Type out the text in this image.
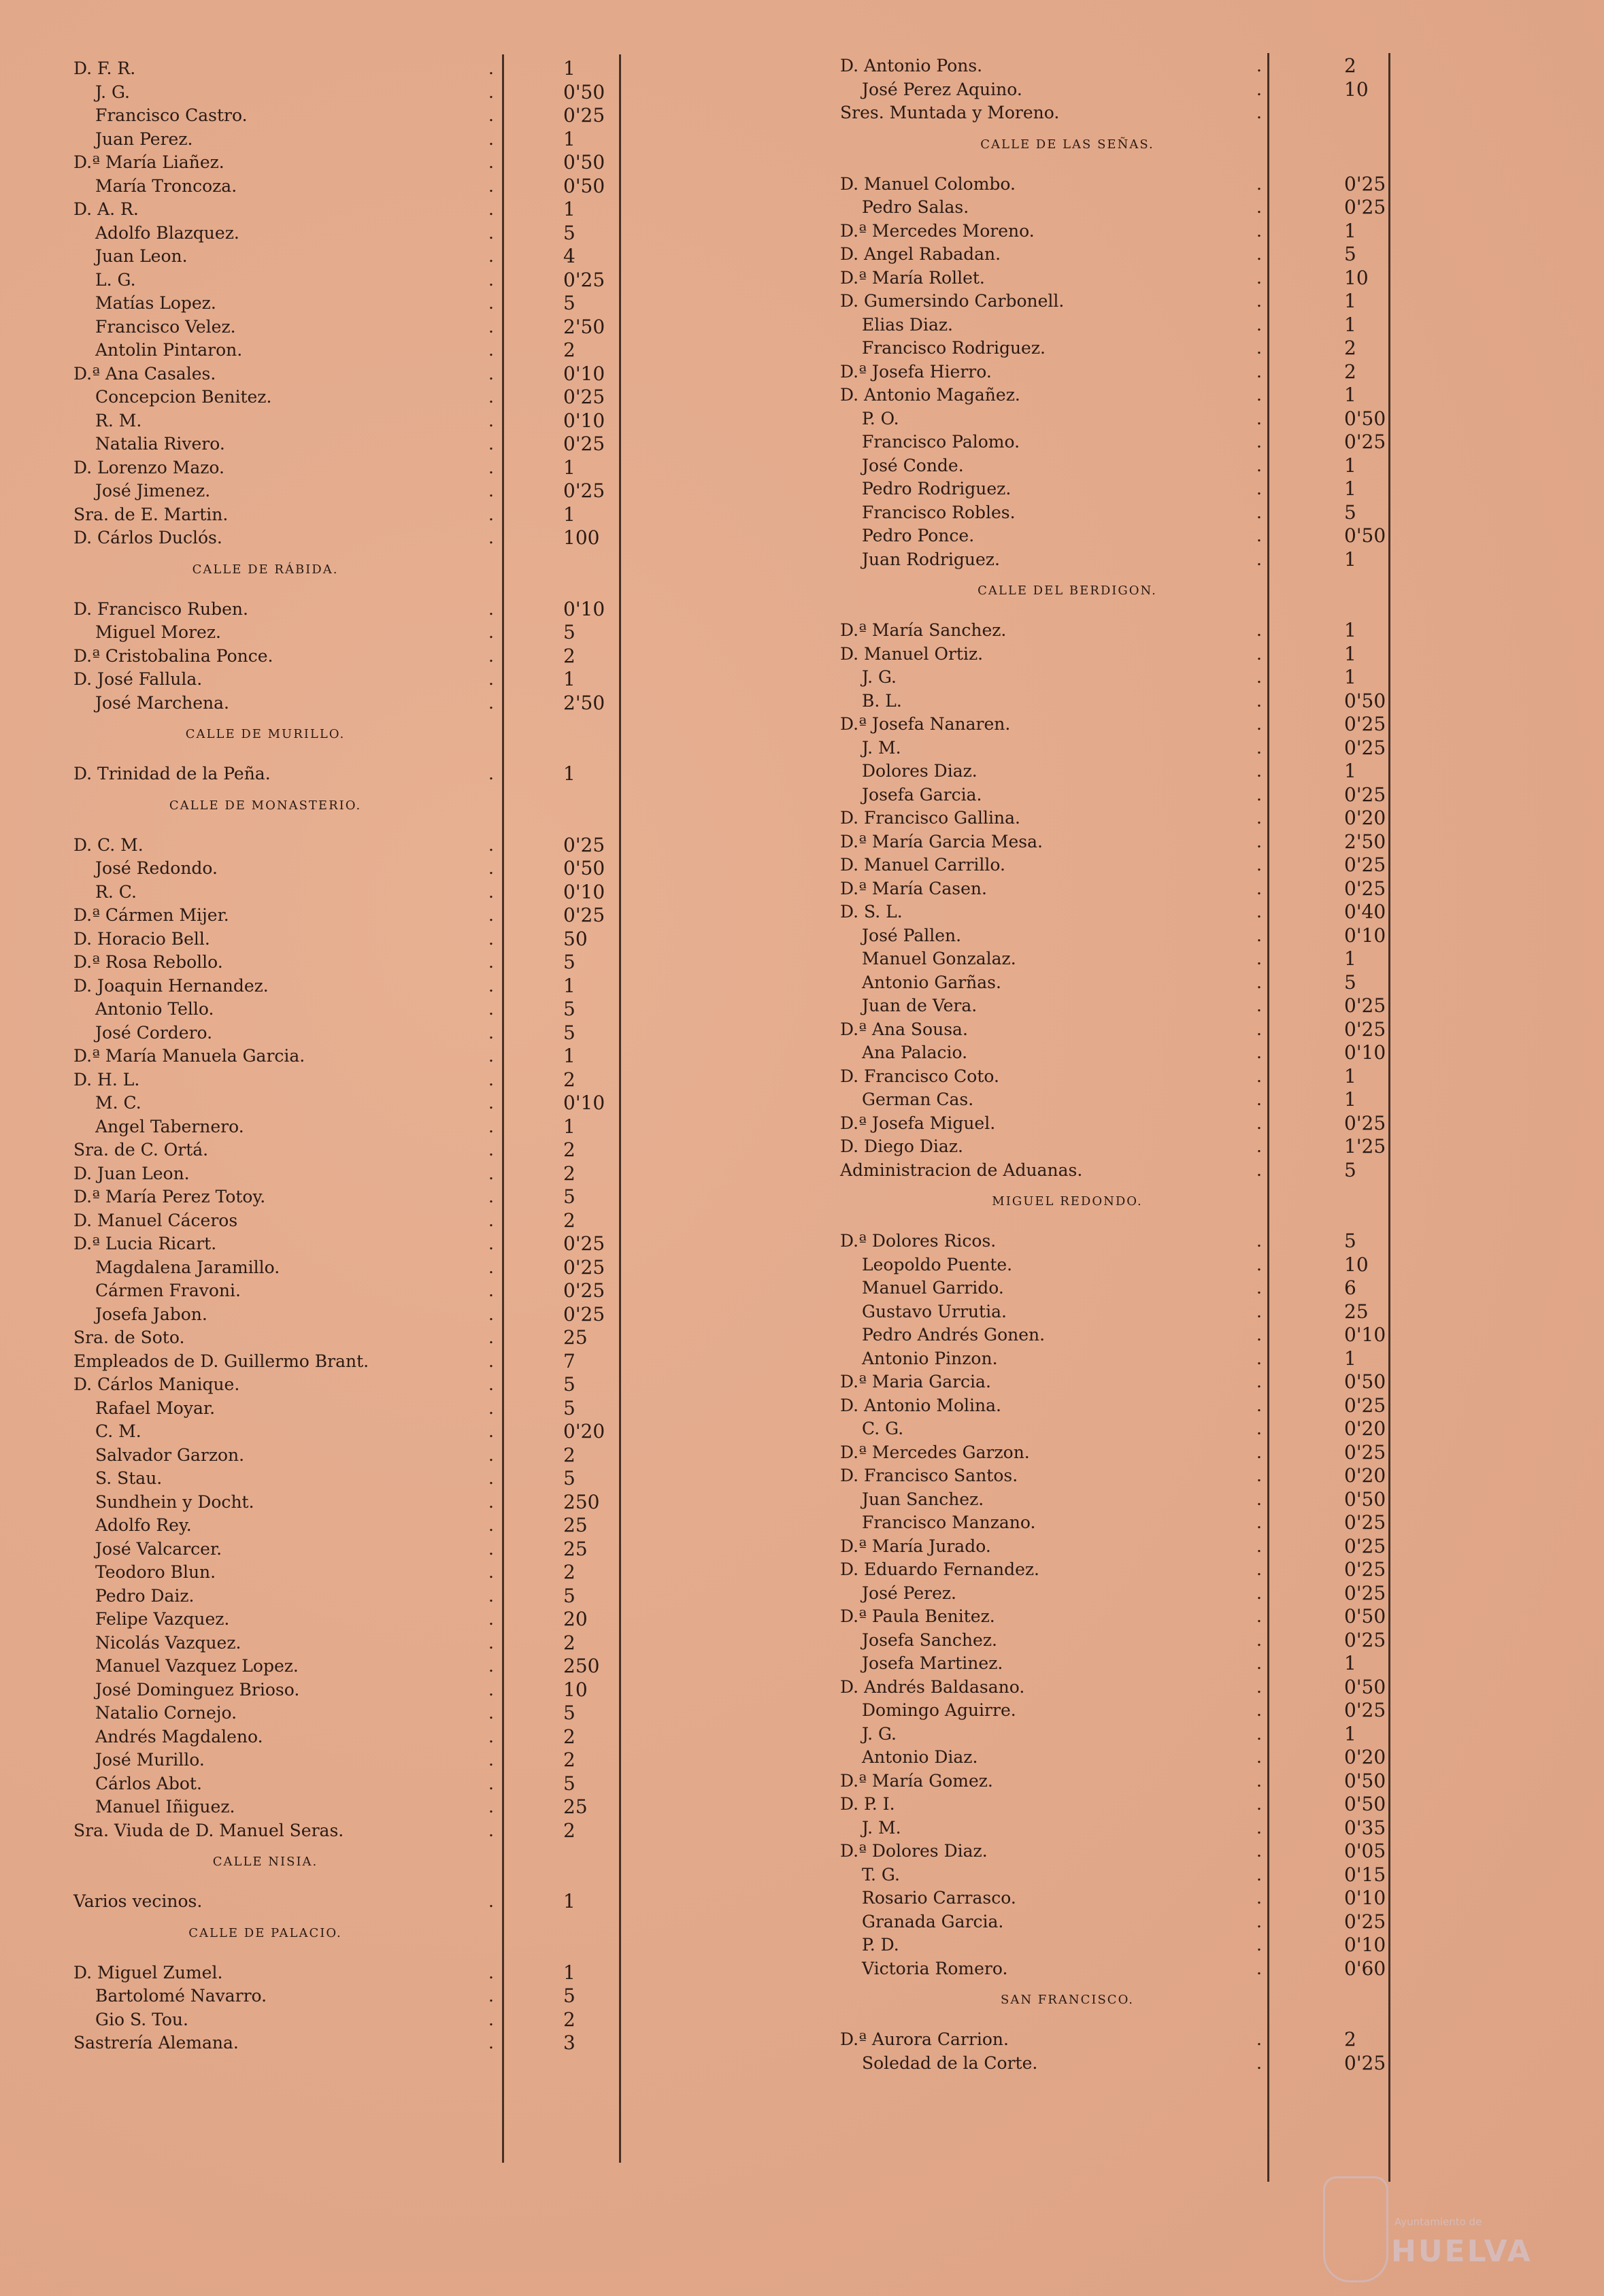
D. F. R.	.	1
J. G.	.	0'50
Francisco Castro.	.	0'25
Juan Perez.	.	1
D.ª María Liañez.	.	0'50
María Troncoza.	.	0'50
D. A. R.	.	1
Adolfo Blazquez.	.	5
Juan Leon.	.	4
L. G.	.	0'25
Matías Lopez.	.	5
Francisco Velez.	.	2'50
Antolin Pintaron.	.	2
D.ª Ana Casales.	.	0'10
Concepcion Benitez.	.	0'25
R. M.	.	0'10
Natalia Rivero.	.	0'25
D. Lorenzo Mazo.	.	1
José Jimenez.	.	0'25
Sra. de E. Martin.	.	1
D. Cárlos Duclós.	.	100
CALLE DE RÁBIDA.
D. Francisco Ruben.	.	0'10
Miguel Morez.	.	5
D.ª Cristobalina Ponce.	.	2
D. José Fallula.	.	1
José Marchena.	.	2'50
CALLE DE MURILLO.
D. Trinidad de la Peña.	.	1
CALLE DE MONASTERIO.
D. C. M.	.	0'25
José Redondo.	.	0'50
R. C.	.	0'10
D.ª Cármen Mijer.	.	0'25
D. Horacio Bell.	.	50
D.ª Rosa Rebollo.	.	5
D. Joaquin Hernandez.	.	1
Antonio Tello.	.	5
José Cordero.	.	5
D.ª María Manuela Garcia.	.	1
D. H. L.	.	2
M. C.	.	0'10
Angel Tabernero.	.	1
Sra. de C. Ortá.	.	2
D. Juan Leon.	.	2
D.ª María Perez Totoy.	.	5
D. Manuel Cáceros	.	2
D.ª Lucia Ricart.	.	0'25
Magdalena Jaramillo.	.	0'25
Cármen Fravoni.	.	0'25
Josefa Jabon.	.	0'25
Sra. de Soto.	.	25
Empleados de D. Guillermo Brant.	.	7
D. Cárlos Manique.	.	5
Rafael Moyar.	.	5
C. M.	.	0'20
Salvador Garzon.	.	2
S. Stau.	.	5
Sundhein y Docht.	.	250
Adolfo Rey.	.	25
José Valcarcer.	.	25
Teodoro Blun.	.	2
Pedro Daiz.	.	5
Felipe Vazquez.	.	20
Nicolás Vazquez.	.	2
Manuel Vazquez Lopez.	.	250
José Dominguez Brioso.	.	10
Natalio Cornejo.	.	5
Andrés Magdaleno.	.	2
José Murillo.	.	2
Cárlos Abot.	.	5
Manuel Iñiguez.	.	25
Sra. Viuda de D. Manuel Seras.	.	2
CALLE NISIA.
Varios vecinos.	.	1
CALLE DE PALACIO.
D. Miguel Zumel.	.	1
Bartolomé Navarro.	.	5
Gio S. Tou.	.	2
Sastrería Alemana.	.	3
D. Antonio Pons.	.	2
José Perez Aquino.	.	10
Sres. Muntada y Moreno.	.
CALLE DE LAS SEÑAS.
D. Manuel Colombo.	.	0'25
Pedro Salas.	.	0'25
D.ª Mercedes Moreno.	.	1
D. Angel Rabadan.	.	5
D.ª María Rollet.	.	10
D. Gumersindo Carbonell.	.	1
Elias Diaz.	.	1
Francisco Rodriguez.	.	2
D.ª Josefa Hierro.	.	2
D. Antonio Magañez.	.	1
P. O.	.	0'50
Francisco Palomo.	.	0'25
José Conde.	.	1
Pedro Rodriguez.	.	1
Francisco Robles.	.	5
Pedro Ponce.	.	0'50
Juan Rodriguez.	.	1
CALLE DEL BERDIGON.
D.ª María Sanchez.	.	1
D. Manuel Ortiz.	.	1
J. G.	.	1
B. L.	.	0'50
D.ª Josefa Nanaren.	.	0'25
J. M.	.	0'25
Dolores Diaz.	.	1
Josefa Garcia.	.	0'25
D. Francisco Gallina.	.	0'20
D.ª María Garcia Mesa.	.	2'50
D. Manuel Carrillo.	.	0'25
D.ª María Casen.	.	0'25
D. S. L.	.	0'40
José Pallen.	.	0'10
Manuel Gonzalaz.	.	1
Antonio Garñas.	.	5
Juan de Vera.	.	0'25
D.ª Ana Sousa.	.	0'25
Ana Palacio.	.	0'10
D. Francisco Coto.	.	1
German Cas.	.	1
D.ª Josefa Miguel.	.	0'25
D. Diego Diaz.	.	1'25
Administracion de Aduanas.	.	5
MIGUEL REDONDO.
D.ª Dolores Ricos.	.	5
Leopoldo Puente.	.	10
Manuel Garrido.	.	6
Gustavo Urrutia.	.	25
Pedro Andrés Gonen.	.	0'10
Antonio Pinzon.	.	1
D.ª Maria Garcia.	.	0'50
D. Antonio Molina.	.	0'25
C. G.	.	0'20
D.ª Mercedes Garzon.	.	0'25
D. Francisco Santos.	.	0'20
Juan Sanchez.	.	0'50
Francisco Manzano.	.	0'25
D.ª María Jurado.	.	0'25
D. Eduardo Fernandez.	.	0'25
José Perez.	.	0'25
D.ª Paula Benitez.	.	0'50
Josefa Sanchez.	.	0'25
Josefa Martinez.	.	1
D. Andrés Baldasano.	.	0'50
Domingo Aguirre.	.	0'25
J. G.	.	1
Antonio Diaz.	.	0'20
D.ª María Gomez.	.	0'50
D. P. I.	.	0'50
J. M.	.	0'35
D.ª Dolores Diaz.	.	0'05
T. G.	.	0'15
Rosario Carrasco.	.	0'10
Granada Garcia.	.	0'25
P. D.	.	0'10
Victoria Romero.	.	0'60
SAN FRANCISCO.
D.ª Aurora Carrion.	.	2
Soledad de la Corte.	.	0'25
Ayuntamiento de
HUELVA
